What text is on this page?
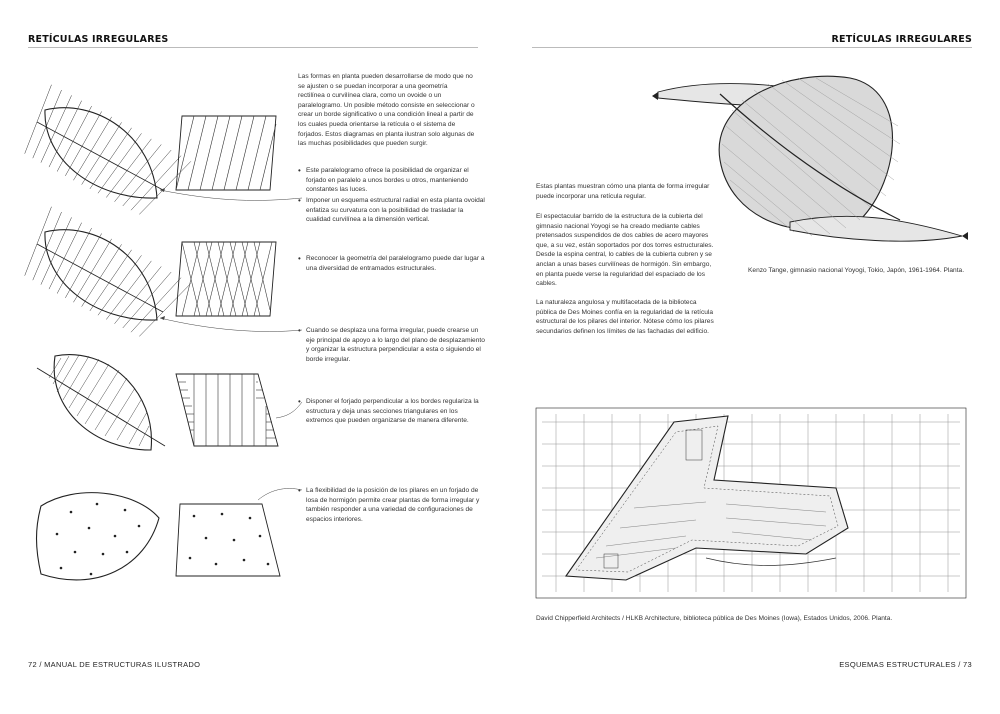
RETÍCULAS IRREGULARES
Las formas en planta pueden desarrollarse de modo que no se ajusten o se puedan incorporar a una geometría rectilínea o curvilínea clara, como un ovoide o un paralelogramo. Un posible método consiste en seleccionar o crear un borde significativo o una condición lineal a partir de los cuales pueda orientarse la retícula o el sistema de forjados. Estos diagramas en planta ilustran solo algunas de las muchas posibilidades que pueden surgir.
• Este paralelogramo ofrece la posibilidad de organizar el forjado en paralelo a unos bordes u otros, manteniendo constantes las luces.
• Imponer un esquema estructural radial en esta planta ovoidal enfatiza su curvatura con la posibilidad de trasladar la cualidad curvilínea a la dimensión vertical.
• Reconocer la geometría del paralelogramo puede dar lugar a una diversidad de entramados estructurales.
• Cuando se desplaza una forma irregular, puede crearse un eje principal de apoyo a lo largo del plano de desplazamiento y organizar la estructura perpendicular a esta o siguiendo el borde irregular.
• Disponer el forjado perpendicular a los bordes regulariza la estructura y deja unas secciones triangulares en los extremos que pueden organizarse de manera diferente.
• La flexibilidad de la posición de los pilares en un forjado de losa de hormigón permite crear plantas de forma irregular y también responder a una variedad de configuraciones de espacios interiores.
72 / MANUAL DE ESTRUCTURAS ILUSTRADO
RETÍCULAS IRREGULARES
Estas plantas muestran cómo una planta de forma irregular puede incorporar una retícula regular.
El espectacular barrido de la estructura de la cubierta del gimnasio nacional Yoyogi se ha creado mediante cables pretensados suspendidos de dos cables de acero mayores que, a su vez, están soportados por dos torres estructurales. Desde la espina central, lo cables de la cubierta cubren y se anclan a unas bases curvilíneas de hormigón. Sin embargo, en planta puede verse la regularidad del espaciado de los cables.
La naturaleza angulosa y multifacetada de la biblioteca pública de Des Moines confía en la regularidad de la retícula estructural de los pilares del interior. Nótese cómo los pilares secundarios definen los límites de las fachadas del edificio.
Kenzo Tange, gimnasio nacional Yoyogi, Tokio, Japón, 1961-1964. Planta.
David Chipperfield Architects / HLKB Architecture, biblioteca pública de Des Moines (Iowa), Estados Unidos, 2006. Planta.
ESQUEMAS ESTRUCTURALES / 73
